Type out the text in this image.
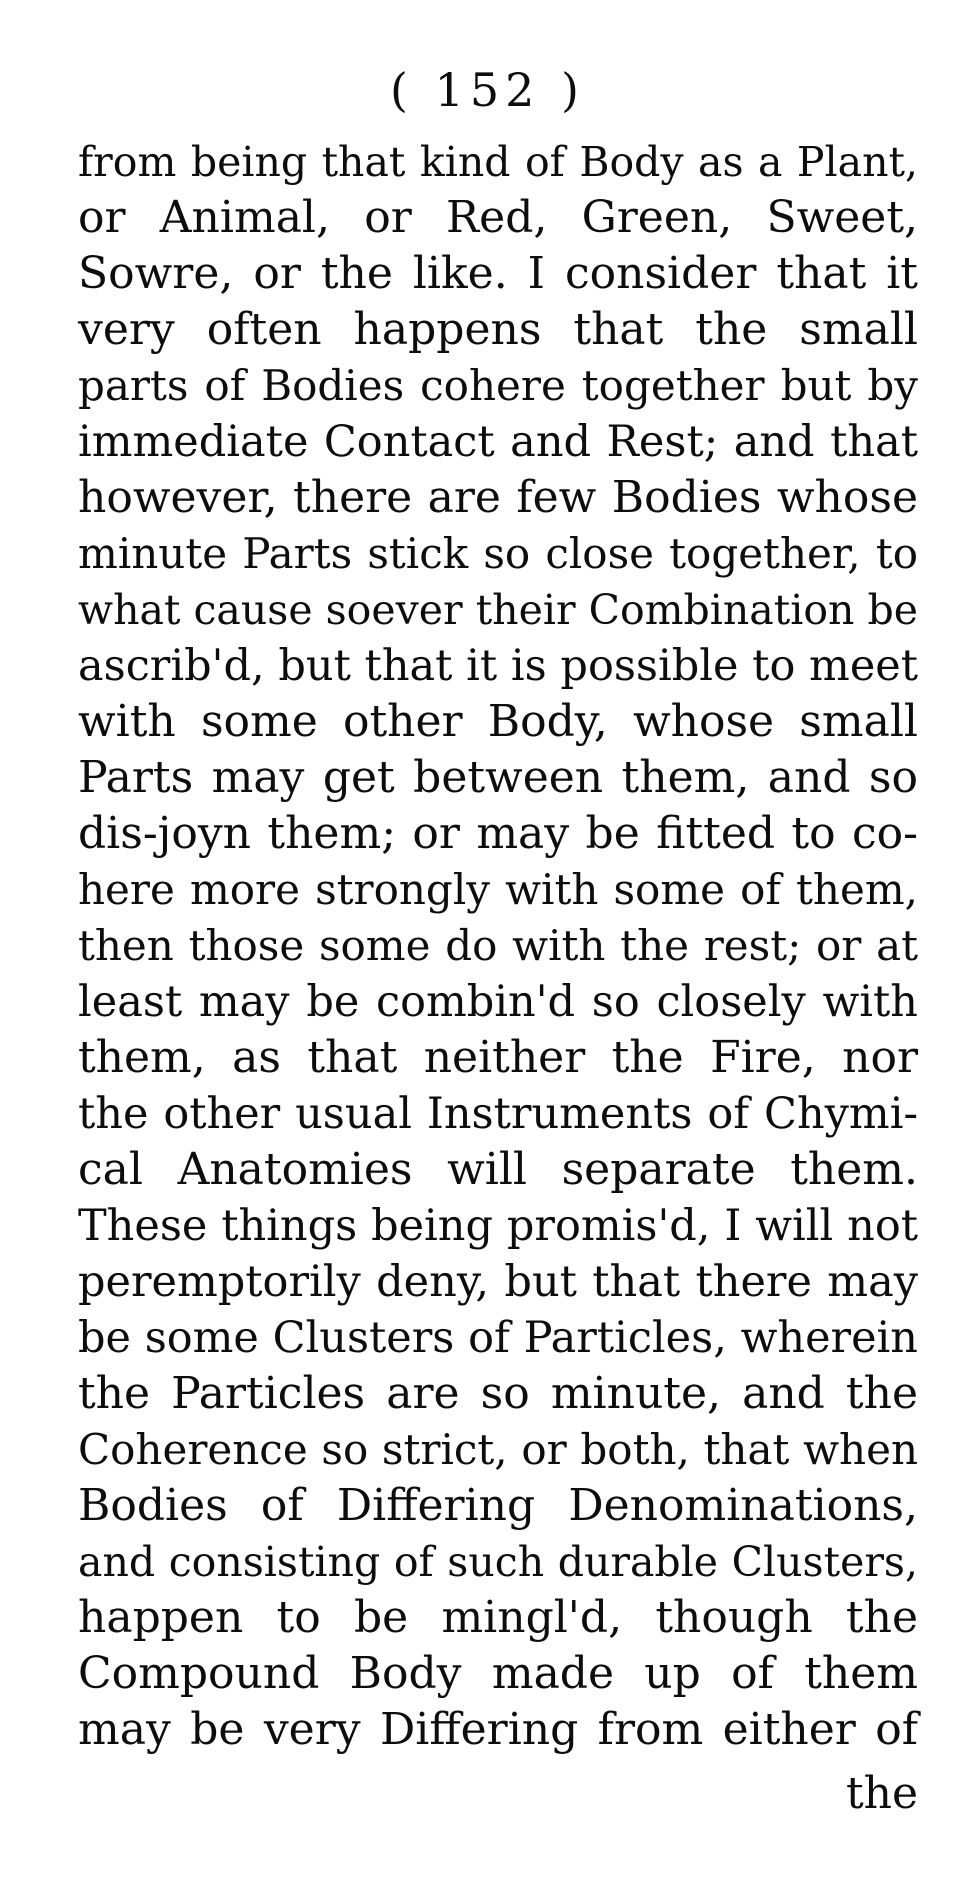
( 152 )
from being that kind of Body as a Plant,
or Animal, or Red, Green, Sweet,
Sowre, or the like. I consider that it
very often happens that the small
parts of Bodies cohere together but by
immediate Contact and Rest; and that
however, there are few Bodies whose
minute Parts stick so close together, to
what cause soever their Combination be
ascrib'd, but that it is possible to meet
with some other Body, whose small
Parts may get between them, and so
dis-joyn them; or may be fitted to co-
here more strongly with some of them,
then those some do with the rest; or at
least may be combin'd so closely with
them, as that neither the Fire, nor
the other usual Instruments of Chymi-
cal Anatomies will separate them.
These things being promis'd, I will not
peremptorily deny, but that there may
be some Clusters of Particles, wherein
the Particles are so minute, and the
Coherence so strict, or both, that when
Bodies of Differing Denominations,
and consisting of such durable Clusters,
happen to be mingl'd, though the
Compound Body made up of them
may be very Differing from either of
the
